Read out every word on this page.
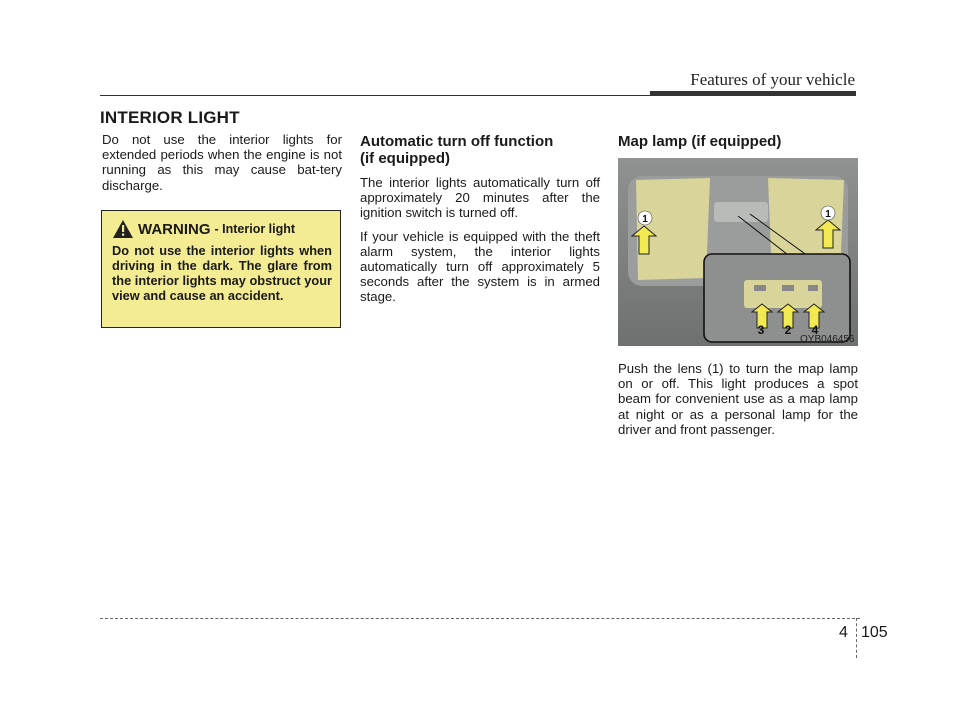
Features of your vehicle
INTERIOR LIGHT

Do not use the interior lights for extended periods when the engine is not running as this may cause bat-tery discharge.

WARNING - Interior light
Do not use the interior lights when driving in the dark. The glare from the interior lights may obstruct your view and cause an accident.
Automatic turn off function
(if equipped)

The interior lights automatically turn off approximately 20 minutes after the ignition switch is turned off.

If your vehicle is equipped with the theft alarm system, the interior lights automatically turn off approximately 5 seconds after the system is in armed stage.

Map lamp (if equipped)
1	1
3 2 4
OYB046456

Push the lens (1) to turn the map lamp on or off. This light produces a spot beam for convenient use as a map lamp at night or as a personal lamp for the driver and front passenger.

4 105
